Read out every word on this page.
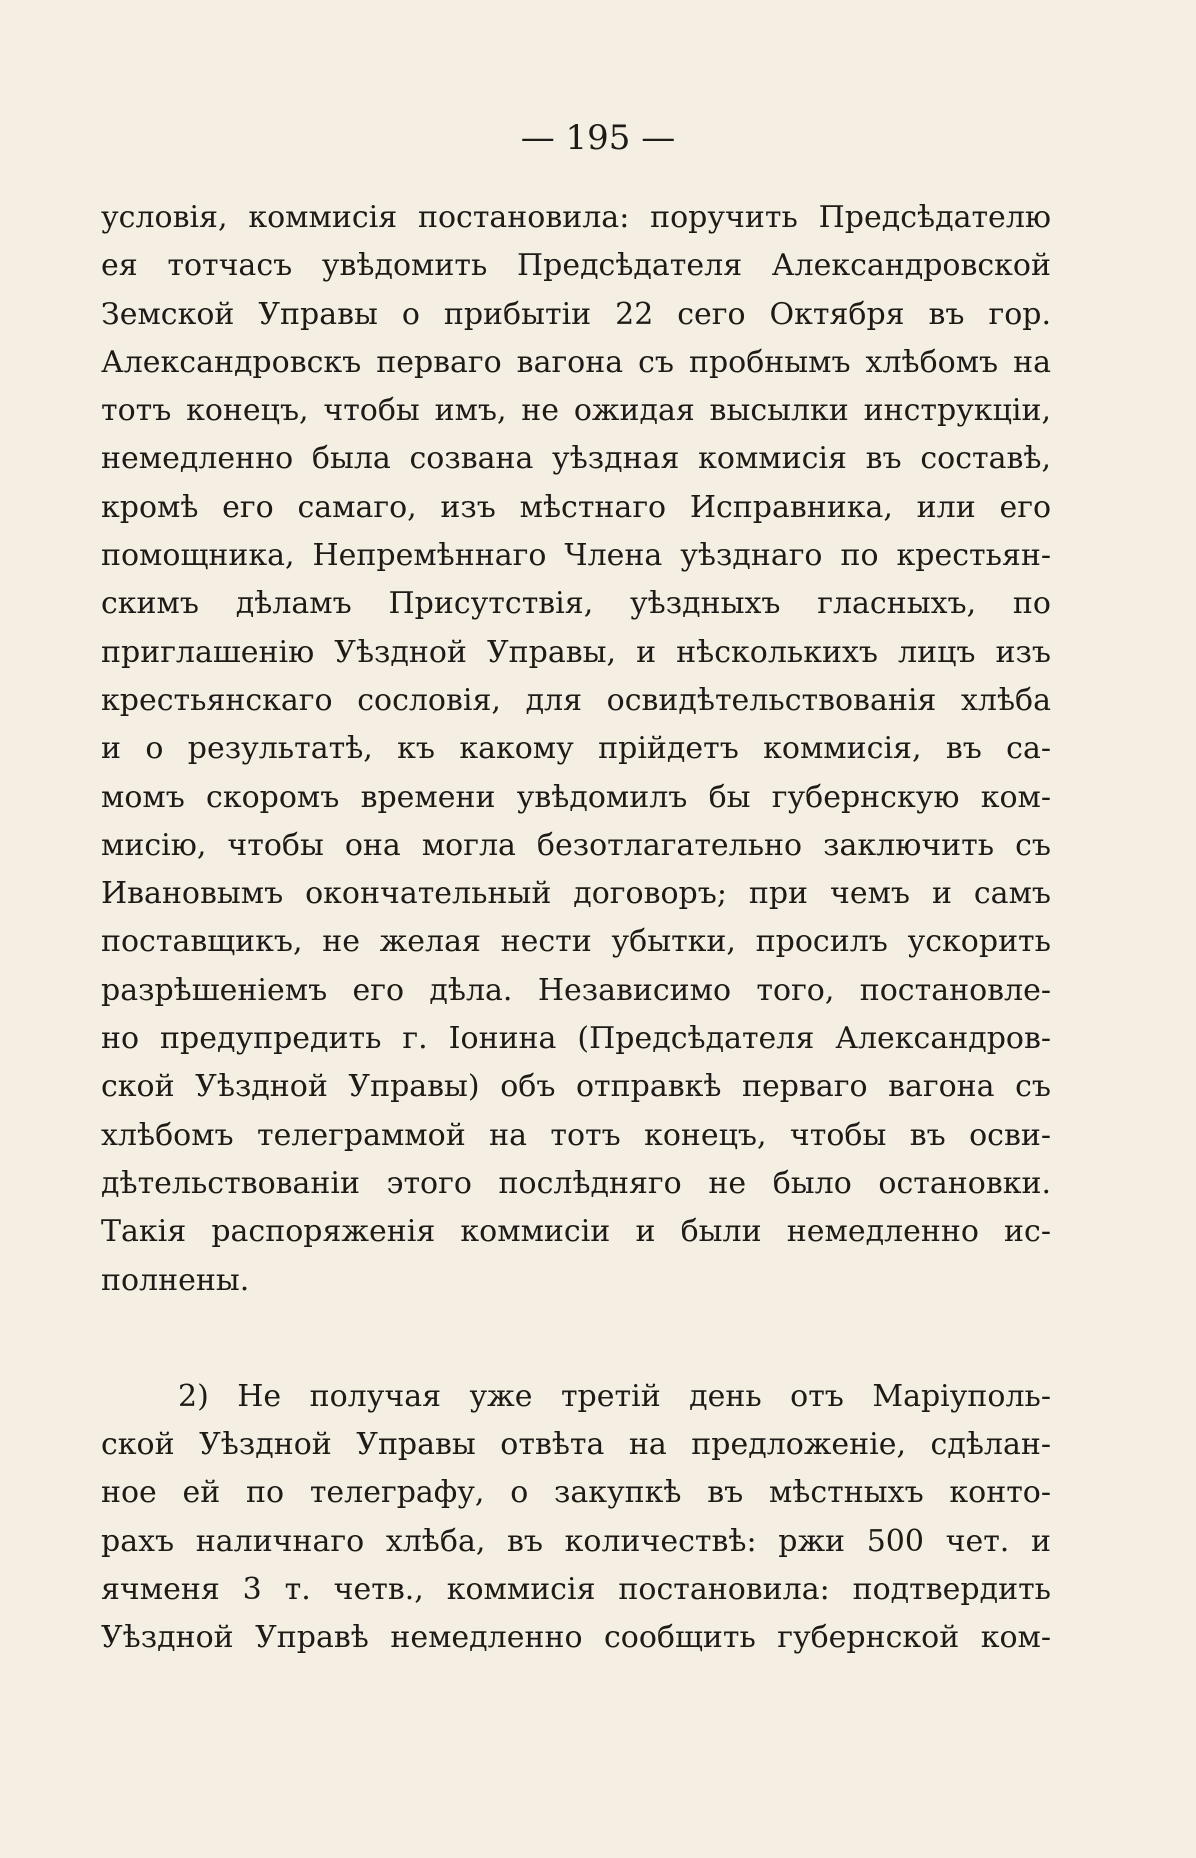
— 195 —
условія, коммисія постановила: поручить Предсѣдателю
ея тотчасъ увѣдомить Предсѣдателя Александровской
Земской Управы о прибытіи 22 сего Октября въ гор.
Александровскъ перваго вагона съ пробнымъ хлѣбомъ на
тотъ конецъ, чтобы имъ, не ожидая высылки инструкціи,
немедленно была созвана уѣздная коммисія въ составѣ,
кромѣ его самаго, изъ мѣстнаго Исправника, или его
помощника, Непремѣннаго Члена уѣзднаго по крестьян-
скимъ дѣламъ Присутствія, уѣздныхъ гласныхъ, по
приглашенію Уѣздной Управы, и нѣсколькихъ лицъ изъ
крестьянскаго сословія, для освидѣтельствованія хлѣба
и о результатѣ, къ какому прійдетъ коммисія, въ са-
момъ скоромъ времени увѣдомилъ бы губернскую ком-
мисію, чтобы она могла безотлагательно заключить съ
Ивановымъ окончательный договоръ; при чемъ и самъ
поставщикъ, не желая нести убытки, просилъ ускорить
разрѣшеніемъ его дѣла. Независимо того, постановле-
но предупредить г. Іонина (Предсѣдателя Александров-
ской Уѣздной Управы) объ отправкѣ перваго вагона съ
хлѣбомъ телеграммой на тотъ конецъ, чтобы въ осви-
дѣтельствованіи этого послѣдняго не было остановки.
Такія распоряженія коммисіи и были немедленно ис-
полнены.
2) Не получая уже третій день отъ Маріуполь-
ской Уѣздной Управы отвѣта на предложеніе, сдѣлан-
ное ей по телеграфу, о закупкѣ въ мѣстныхъ конто-
рахъ наличнаго хлѣба, въ количествѣ: ржи 500 чет. и
ячменя 3 т. четв., коммисія постановила: подтвердить
Уѣздной Управѣ немедленно сообщить губернской ком-
